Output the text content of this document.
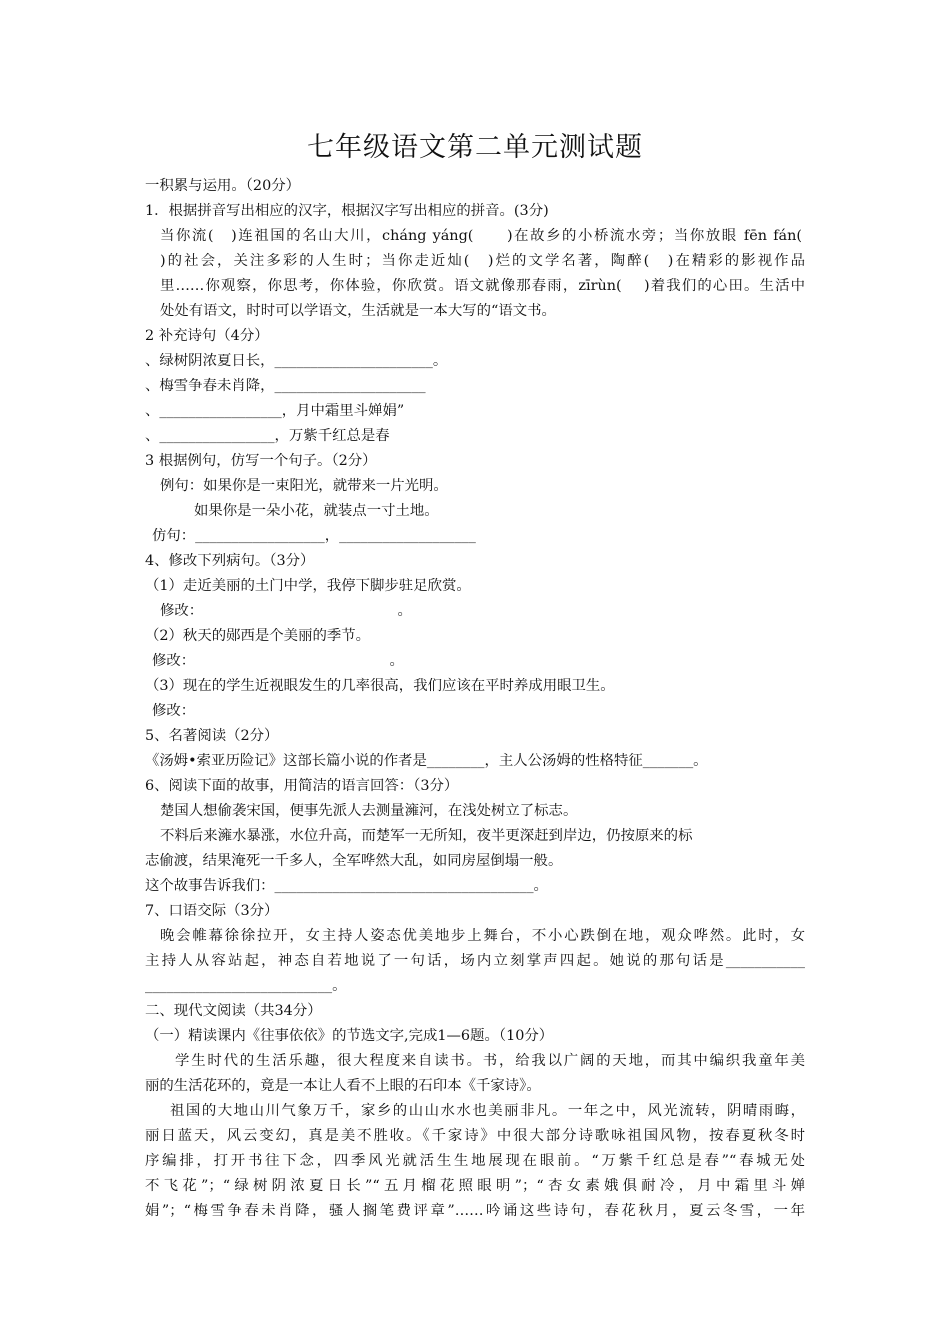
七年级语文第二单元测试题
一积累与运用。（20分）
1．根据拼音写出相应的汉字，根据汉字写出相应的拼音。(3分)
当你流(　)连祖国的名山大川，cháng yáng(　　)在故乡的小桥流水旁；当你放眼 fēn fán(
)的社会，关注多彩的人生时；当你走近灿(　)烂的文学名著，陶醉(　)在精彩的影视作品
里……你观察，你思考，你体验，你欣赏。语文就像那春雨，zīrùn(　 )着我们的心田。生活中
处处有语文，时时可以学语文，生活就是一本大写的“语文书。
2 补充诗句（4分）
、绿树阴浓夏日长，______________________。
、梅雪争春未肖降，_____________________
、_________________，月中霜里斗婵娟”
、________________，万紫千红总是春
3 根据例句，仿写一个句子。（2分）
例句：如果你是一束阳光，就带来一片光明。
如果你是一朵小花，就装点一寸土地。
仿句：__________________，___________________
4、修改下列病句。（3分）
（1）走近美丽的土门中学，我停下脚步驻足欣赏。
修改：　　　　　　　　　　　　　　。
（2）秋天的郧西是个美丽的季节。
修改：　　　　　　　　　　　　　　。
（3）现在的学生近视眼发生的几率很高，我们应该在平时养成用眼卫生。
修改：
5、名著阅读（2分）
《汤姆•索亚历险记》这部长篇小说的作者是________，主人公汤姆的性格特征_______。
6、阅读下面的故事，用简洁的语言回答：（3分）
楚国人想偷袭宋国，便事先派人去测量澭河，在浅处树立了标志。
不料后来澭水暴涨，水位升高，而楚军一无所知，夜半更深赶到岸边，仍按原来的标
志偷渡，结果淹死一千多人，全军哗然大乱，如同房屋倒塌一般。
这个故事告诉我们：____________________________________。
7、口语交际（3分）
晚会帷幕徐徐拉开，女主持人姿态优美地步上舞台，不小心跌倒在地，观众哗然。此时，女
主持人从容站起，神态自若地说了一句话，场内立刻掌声四起。她说的那句话是___________
__________________________。
二、现代文阅读（共34分）
（一）精读课内《往事依依》的节选文字,完成1—6题。（10分）
学生时代的生活乐趣，很大程度来自读书。书，给我以广阔的天地，而其中编织我童年美
丽的生活花环的，竟是一本让人看不上眼的石印本《千家诗》。
祖国的大地山川气象万千，家乡的山山水水也美丽非凡。一年之中，风光流转，阴晴雨晦，
丽日蓝天，风云变幻，真是美不胜收。《千家诗》中很大部分诗歌咏祖国风物，按春夏秋冬时
序编排，打开书往下念，四季风光就活生生地展现在眼前。“万紫千红总是春”“春城无处
不飞花”；“绿树阴浓夏日长”“五月榴花照眼明”；“杏女素娥俱耐冷，月中霜里斗婵
娟”；“梅雪争春未肖降，骚人搁笔费评章”……吟诵这些诗句，春花秋月，夏云冬雪，一年
